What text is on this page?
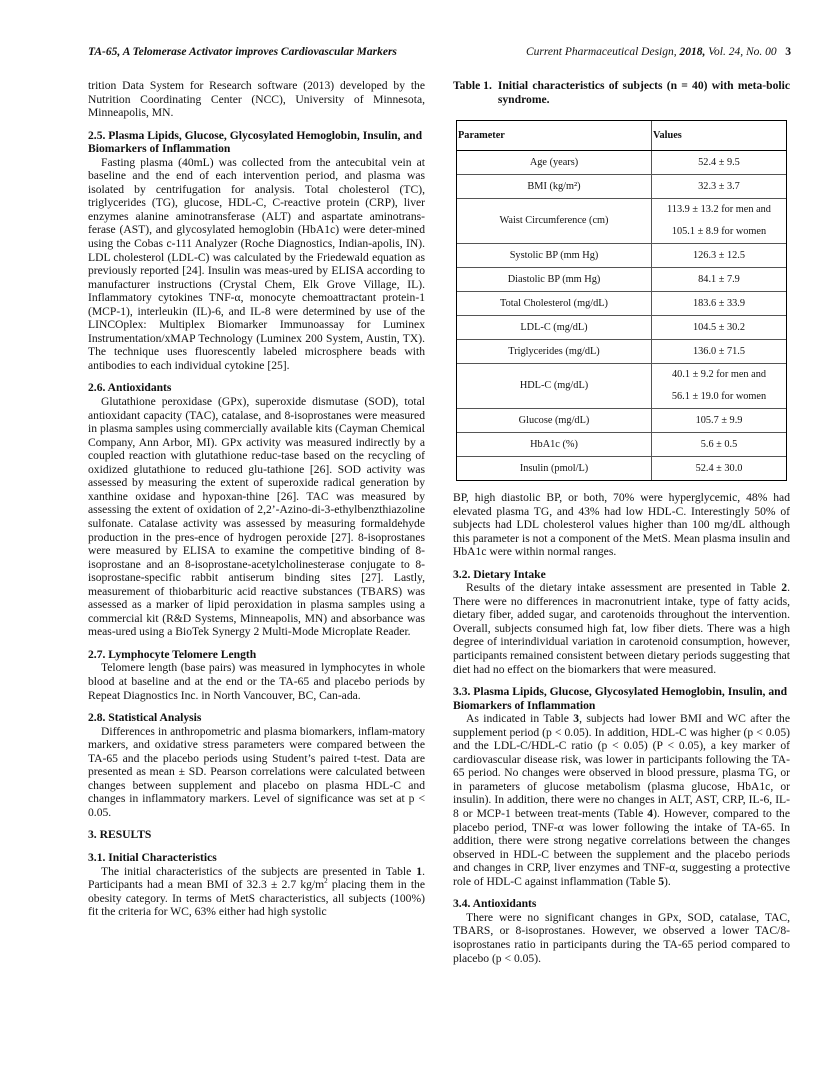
TA-65, A Telomerase Activator improves Cardiovascular Markers	Current Pharmaceutical Design, 2018, Vol. 24, No. 00 3

trition Data System for Research software (2013) developed by the Nutrition Coordinating Center (NCC), University of Minnesota, Minneapolis, MN.

2.5. Plasma Lipids, Glucose, Glycosylated Hemoglobin, Insulin, and Biomarkers of Inflammation

Fasting plasma (40mL) was collected from the antecubital vein at baseline and the end of each intervention period, and plasma was isolated by centrifugation for analysis. Total cholesterol (TC), triglycerides (TG), glucose, HDL-C, C-reactive protein (CRP), liver enzymes alanine aminotransferase (ALT) and aspartate aminotrans-ferase (AST), and glycosylated hemoglobin (HbA1c) were deter-mined using the Cobas c-111 Analyzer (Roche Diagnostics, Indian-apolis, IN). LDL cholesterol (LDL-C) was calculated by the Friedewald equation as previously reported [24]. Insulin was meas-ured by ELISA according to manufacturer instructions (Crystal Chem, Elk Grove Village, IL). Inflammatory cytokines TNF-α, monocyte chemoattractant protein-1 (MCP-1), interleukin (IL)-6, and IL-8 were determined by use of the LINCOplex: Multiplex Biomarker Immunoassay for Luminex Instrumentation/xMAP Technology (Luminex 200 System, Austin, TX). The technique uses fluorescently labeled microsphere beads with antibodies to each individual cytokine [25].

2.6. Antioxidants

Glutathione peroxidase (GPx), superoxide dismutase (SOD), total antioxidant capacity (TAC), catalase, and 8-isoprostanes were measured in plasma samples using commercially available kits (Cayman Chemical Company, Ann Arbor, MI). GPx activity was measured indirectly by a coupled reaction with glutathione reduc-tase based on the recycling of oxidized glutathione to reduced glu-tathione [26]. SOD activity was assessed by measuring the extent of superoxide radical generation by xanthine oxidase and hypoxan-thine [26]. TAC was measured by assessing the extent of oxidation of 2,2’-Azino-di-3-ethylbenzthiazoline sulfonate. Catalase activity was assessed by measuring formaldehyde production in the pres-ence of hydrogen peroxide [27]. 8-isoprostanes were measured by ELISA to examine the competitive binding of 8-isoprostane and an 8-isoprostane-acetylcholinesterase conjugate to 8-isoprostane-specific rabbit antiserum binding sites [27]. Lastly, measurement of thiobarbituric acid reactive substances (TBARS) was assessed as a marker of lipid peroxidation in plasma samples using a commercial kit (R&D Systems, Minneapolis, MN) and absorbance was meas-ured using a BioTek Synergy 2 Multi-Mode Microplate Reader.

2.7. Lymphocyte Telomere Length

Telomere length (base pairs) was measured in lymphocytes in whole blood at baseline and at the end or the TA-65 and placebo periods by Repeat Diagnostics Inc. in North Vancouver, BC, Can-ada.

2.8. Statistical Analysis

Differences in anthropometric and plasma biomarkers, inflam-matory markers, and oxidative stress parameters were compared between the TA-65 and the placebo periods using Student’s paired t-test. Data are presented as mean ± SD. Pearson correlations were calculated between changes between supplement and placebo on plasma HDL-C and changes in inflammatory markers. Level of significance was set at p < 0.05.

3. RESULTS
3.1. Initial Characteristics

The initial characteristics of the subjects are presented in Table 1. Participants had a mean BMI of 32.3 ± 2.7 $kg/m^2$ placing them in the obesity category. In terms of MetS characteristics, all subjects (100%) fit the criteria for WC, 63% either had high systolic

Table 1. Initial characteristics of subjects (n = 40) with meta-bolic syndrome.
Parameter	Values
Age (years)	52.4 ± 9.5
BMI (kg/m²)	32.3 ± 3.7
Waist Circumference (cm)	113.9 ± 13.2 for men and
105.1 ± 8.9 for women

Systolic BP (mm Hg)	126.3 ± 12.5
Diastolic BP (mm Hg)	84.1 ± 7.9
Total Cholesterol (mg/dL)	183.6 ± 33.9
LDL-C (mg/dL)	104.5 ± 30.2
Triglycerides (mg/dL)	136.0 ± 71.5
HDL-C (mg/dL)	40.1 ± 9.2 for men and
56.1 ± 19.0 for women

Glucose (mg/dL)	105.7 ± 9.9
HbA1c (%)	5.6 ± 0.5
Insulin (pmol/L)	52.4 ± 30.0

BP, high diastolic BP, or both, 70% were hyperglycemic, 48% had elevated plasma TG, and 43% had low HDL-C. Interestingly 50% of subjects had LDL cholesterol values higher than 100 mg/dL although this parameter is not a component of the MetS. Mean plasma insulin and HbA1c were within normal ranges.

3.2. Dietary Intake

Results of the dietary intake assessment are presented in Table 2. There were no differences in macronutrient intake, type of fatty acids, dietary fiber, added sugar, and carotenoids throughout the intervention. Overall, subjects consumed high fat, low fiber diets. There was a high degree of interindividual variation in carotenoid consumption, however, participants remained consistent between dietary periods suggesting that diet had no effect on the biomarkers that were measured.

3.3. Plasma Lipids, Glucose, Glycosylated Hemoglobin, Insulin, and Biomarkers of Inflammation

As indicated in Table 3, subjects had lower BMI and WC after the supplement period (p < 0.05). In addition, HDL-C was higher (p < 0.05) and the LDL-C/HDL-C ratio (p < 0.05) (P < 0.05), a key marker of cardiovascular disease risk, was lower in participants following the TA-65 period. No changes were observed in blood pressure, plasma TG, or in parameters of glucose metabolism (plasma glucose, HbA1c, or insulin). In addition, there were no changes in ALT, AST, CRP, IL-6, IL-8 or MCP-1 between treat-ments (Table 4). However, compared to the placebo period, TNF-α was lower following the intake of TA-65. In addition, there were strong negative correlations between the changes observed in HDL-C between the supplement and the placebo periods and changes in CRP, liver enzymes and TNF-α, suggesting a protective role of HDL-C against inflammation (Table 5).

3.4. Antioxidants

There were no significant changes in GPx, SOD, catalase, TAC, TBARS, or 8-isoprostanes. However, we observed a lower TAC/8-isoprostanes ratio in participants during the TA-65 period compared to placebo (p < 0.05).
